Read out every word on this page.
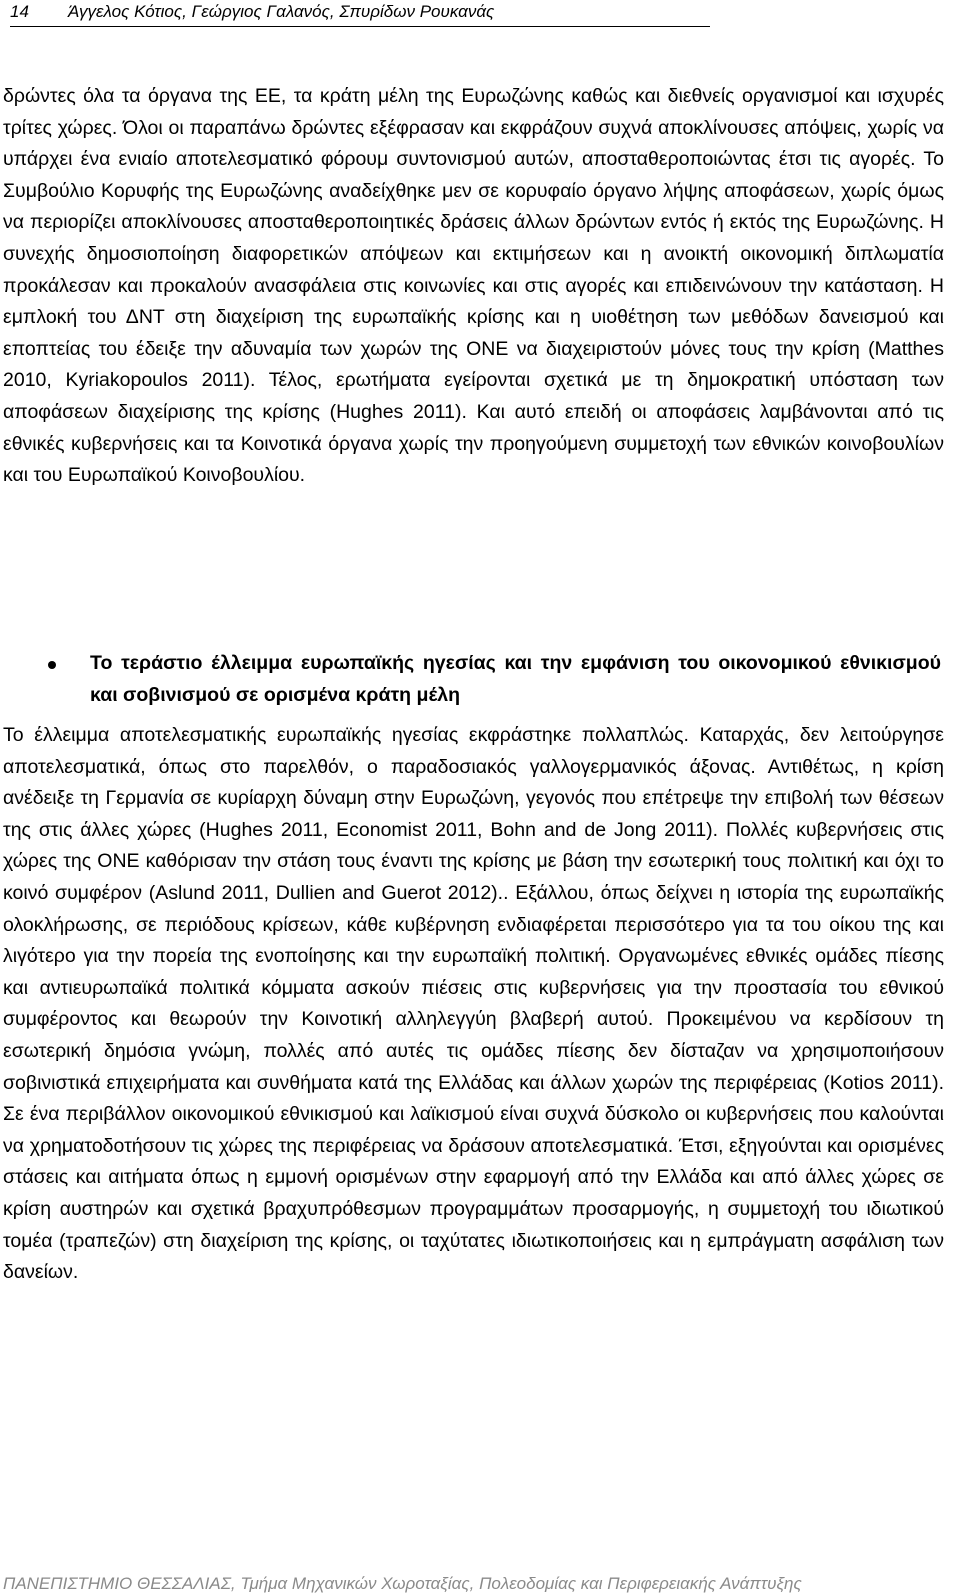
14 Άγγελος Κότιος, Γεώργιος Γαλανός, Σπυρίδων Ρουκανάς

δρώντες όλα τα όργανα της ΕΕ, τα κράτη μέλη της Ευρωζώνης καθώς και διεθνείς οργανισμοί και ισχυρές τρίτες χώρες. Όλοι οι παραπάνω δρώντες εξέφρασαν και εκφράζουν συχνά αποκλίνουσες απόψεις, χωρίς να υπάρχει ένα ενιαίο αποτελεσματικό φόρουμ συντονισμού αυτών, αποσταθεροποιώντας έτσι τις αγορές. Το Συμβούλιο Κορυφής της Ευρωζώνης αναδείχθηκε μεν σε κορυφαίο όργανο λήψης αποφάσεων, χωρίς όμως να περιορίζει αποκλίνουσες αποσταθεροποιητικές δράσεις άλλων δρώντων εντός ή εκτός της Ευρωζώνης. Η συνεχής δημοσιοποίηση διαφορετικών απόψεων και εκτιμήσεων και η ανοικτή οικονομική διπλωματία προκάλεσαν και προκαλούν ανασφάλεια στις κοινωνίες και στις αγορές και επιδεινώνουν την κατάσταση. Η εμπλοκή του ΔΝΤ στη διαχείριση της ευρωπαϊκής κρίσης και η υιοθέτηση των μεθόδων δανεισμού και εποπτείας του έδειξε την αδυναμία των χωρών της ΟΝΕ να διαχειριστούν μόνες τους την κρίση (Matthes 2010, Kyriakopoulos 2011). Τέλος, ερωτήματα εγείρονται σχετικά με τη δημοκρατική υπόσταση των αποφάσεων διαχείρισης της κρίσης (Hughes 2011). Και αυτό επειδή οι αποφάσεις λαμβάνονται από τις εθνικές κυβερνήσεις και τα Κοινοτικά όργανα χωρίς την προηγούμενη συμμετοχή των εθνικών κοινοβουλίων και του Ευρωπαϊκού Κοινοβουλίου.

Το τεράστιο έλλειμμα ευρωπαϊκής ηγεσίας και την εμφάνιση του οικονομικού εθνικισμού και σοβινισμού σε ορισμένα κράτη μέλη

Το έλλειμμα αποτελεσματικής ευρωπαϊκής ηγεσίας εκφράστηκε πολλαπλώς. Καταρχάς, δεν λειτούργησε αποτελεσματικά, όπως στο παρελθόν, ο παραδοσιακός γαλλογερμανικός άξονας. Αντιθέτως, η κρίση ανέδειξε τη Γερμανία σε κυρίαρχη δύναμη στην Ευρωζώνη, γεγονός που επέτρεψε την επιβολή των θέσεων της στις άλλες χώρες (Hughes 2011, Economist 2011, Bohn and de Jong 2011). Πολλές κυβερνήσεις στις χώρες της ΟΝΕ καθόρισαν την στάση τους έναντι της κρίσης με βάση την εσωτερική τους πολιτική και όχι το κοινό συμφέρον (Aslund 2011, Dullien and Guerot 2012).. Εξάλλου, όπως δείχνει η ιστορία της ευρωπαϊκής ολοκλήρωσης, σε περιόδους κρίσεων, κάθε κυβέρνηση ενδιαφέρεται περισσότερο για τα του οίκου της και λιγότερο για την πορεία της ενοποίησης και την ευρωπαϊκή πολιτική. Οργανωμένες εθνικές ομάδες πίεσης και αντιευρωπαϊκά πολιτικά κόμματα ασκούν πιέσεις στις κυβερνήσεις για την προστασία του εθνικού συμφέροντος και θεωρούν την Κοινοτική αλληλεγγύη βλαβερή αυτού. Προκειμένου να κερδίσουν τη εσωτερική δημόσια γνώμη, πολλές από αυτές τις ομάδες πίεσης δεν δίσταζαν να χρησιμοποιήσουν σοβινιστικά επιχειρήματα και συνθήματα κατά της Ελλάδας και άλλων χωρών της περιφέρειας (Kotios 2011). Σε ένα περιβάλλον οικονομικού εθνικισμού και λαϊκισμού είναι συχνά δύσκολο οι κυβερνήσεις που καλούνται να χρηματοδοτήσουν τις χώρες της περιφέρειας να δράσουν αποτελεσματικά. Έτσι, εξηγούνται και ορισμένες στάσεις και αιτήματα όπως η εμμονή ορισμένων στην εφαρμογή από την Ελλάδα και από άλλες χώρες σε κρίση αυστηρών και σχετικά βραχυπρόθεσμων προγραμμάτων προσαρμογής, η συμμετοχή του ιδιωτικού τομέα (τραπεζών) στη διαχείριση της κρίσης, οι ταχύτατες ιδιωτικοποιήσεις και η εμπράγματη ασφάλιση των δανείων.

ΠΑΝΕΠΙΣΤΗΜΙΟ ΘΕΣΣΑΛΙΑΣ, Τμήμα Μηχανικών Χωροταξίας, Πολεοδομίας και Περιφερειακής Ανάπτυξης
